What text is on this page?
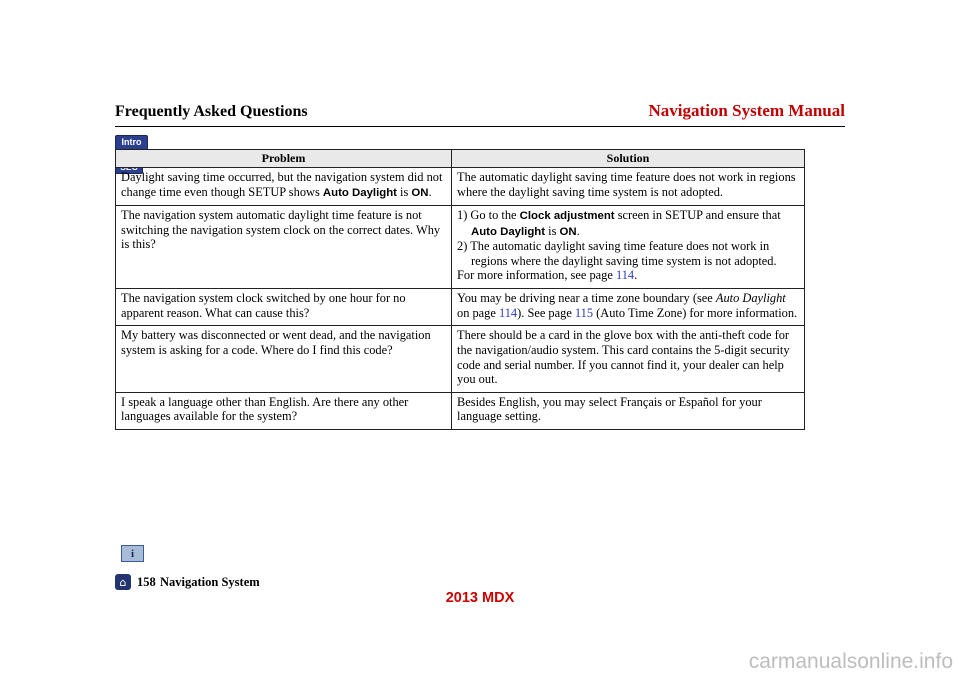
Frequently Asked Questions	Navigation System Manual
Intro
Problem	Solution
Daylight saving time occurred, but the navigation system did not change time even though SETUP shows Auto Daylight is ON.	The automatic daylight saving time feature does not work in regions where the daylight saving time system is not adopted.
The navigation system automatic daylight time feature is not switching the navigation system clock on the correct dates. Why is this?	1) Go to the Clock adjustment screen in SETUP and ensure that Auto Daylight is ON.
2) The automatic daylight saving time feature does not work in regions where the daylight saving time system is not adopted.
For more information, see page 114.

The navigation system clock switched by one hour for no apparent reason. What can cause this?	You may be driving near a time zone boundary (see Auto Daylight on page 114). See page 115 (Auto Time Zone) for more information.
My battery was disconnected or went dead, and the navigation system is asking for a code. Where do I find this code?	There should be a card in the glove box with the anti-theft code for the navigation/audio system. This card contains the 5-digit security code and serial number. If you cannot find it, your dealer can help you out.
I speak a language other than English. Are there any other languages available for the system?	Besides English, you may select Français or Español for your language setting.
i
⌂ 158 Navigation System
2013 MDX
carmanualsonline.info
